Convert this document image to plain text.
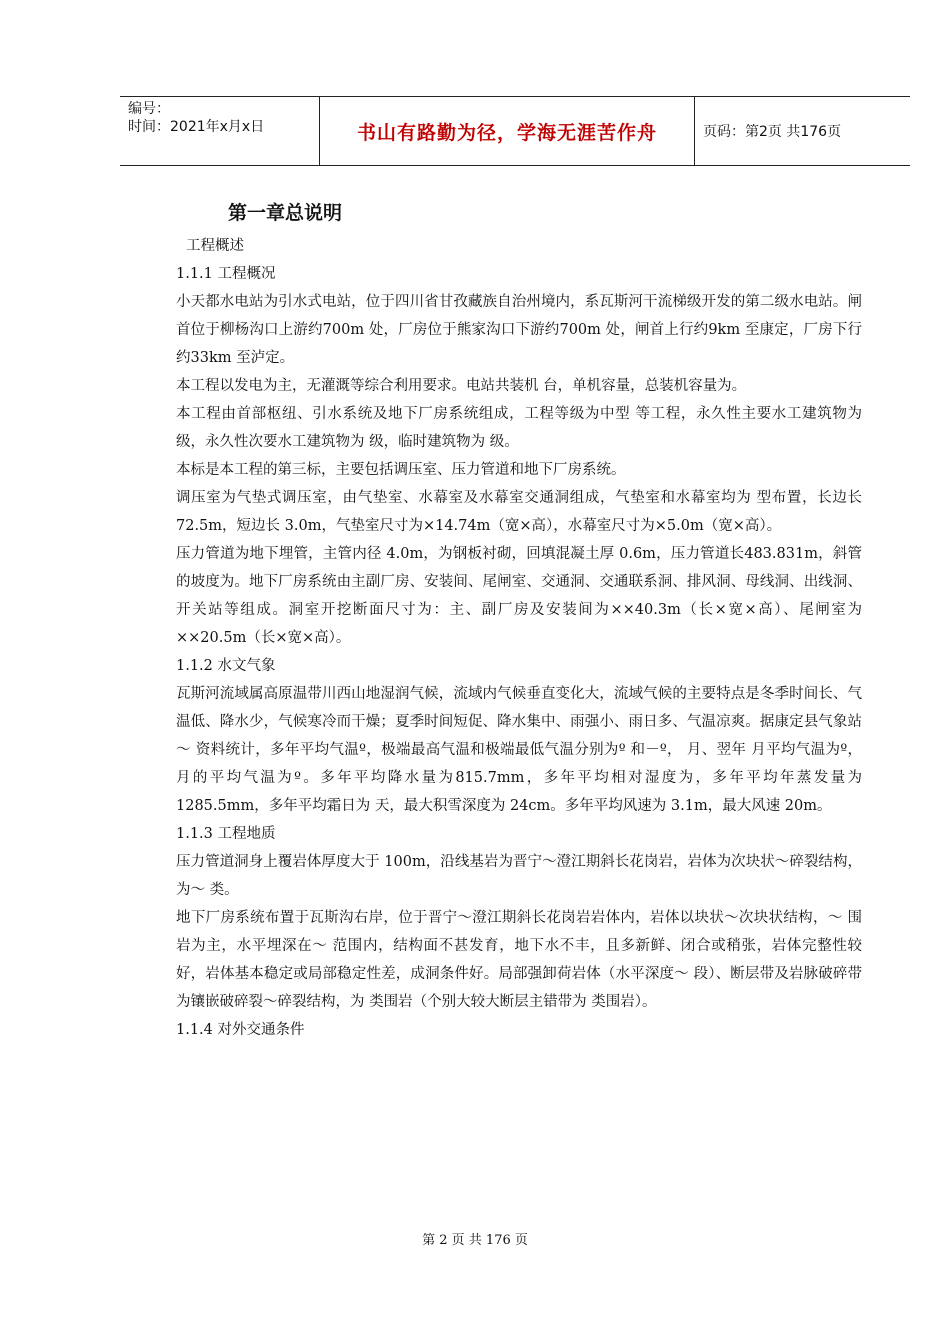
编号：
时间：2021年x月x日	书山有路勤为径，学海无涯苦作舟	页码：第2页 共176页
第一章总说明

工程概述

1.1.1 工程概况

小天都水电站为引水式电站，位于四川省甘孜藏族自治州境内，系瓦斯河干流梯级开发的第二级水电站。闸首位于柳杨沟口上游约700m 处，厂房位于熊家沟口下游约700m 处，闸首上行约9km 至康定，厂房下行约33km 至泸定。

本工程以发电为主，无灌溉等综合利用要求。电站共装机 台，单机容量，总装机容量为。

本工程由首部枢纽、引水系统及地下厂房系统组成，工程等级为中型 等工程，永久性主要水工建筑物为 级，永久性次要水工建筑物为 级，临时建筑物为 级。

本标是本工程的第三标，主要包括调压室、压力管道和地下厂房系统。

调压室为气垫式调压室，由气垫室、水幕室及水幕室交通洞组成，气垫室和水幕室均为 型布置，长边长 72.5m，短边长 3.0m，气垫室尺寸为×14.74m（宽×高），水幕室尺寸为×5.0m（宽×高）。

压力管道为地下埋管，主管内径 4.0m，为钢板衬砌，回填混凝土厚 0.6m，压力管道长483.831m，斜管的坡度为。地下厂房系统由主副厂房、安装间、尾闸室、交通洞、交通联系洞、排风洞、母线洞、出线洞、开关站等组成。洞室开挖断面尺寸为：主、副厂房及安装间为××40.3m（长×宽×高）、尾闸室为××20.5m（长×宽×高）。

1.1.2 水文气象

瓦斯河流域属高原温带川西山地湿润气候，流域内气候垂直变化大，流域气候的主要特点是冬季时间长、气温低、降水少，气候寒冷而干燥；夏季时间短促、降水集中、雨强小、雨日多、气温凉爽。据康定县气象站～ 资料统计，多年平均气温º，极端最高气温和极端最低气温分别为º 和－º， 月、翌年 月平均气温为º， 月的平均气温为º。多年平均降水量为815.7mm，多年平均相对湿度为，多年平均年蒸发量为 1285.5mm，多年平均霜日为 天，最大积雪深度为 24cm。多年平均风速为 3.1m，最大风速 20m。

1.1.3 工程地质

压力管道洞身上覆岩体厚度大于 100m，沿线基岩为晋宁～澄江期斜长花岗岩，岩体为次块状～碎裂结构，为～ 类。

地下厂房系统布置于瓦斯沟右岸，位于晋宁～澄江期斜长花岗岩岩体内，岩体以块状～次块状结构，～ 围岩为主，水平埋深在～ 范围内，结构面不甚发育，地下水不丰，且多新鲜、闭合或稍张，岩体完整性较好，岩体基本稳定或局部稳定性差，成洞条件好。局部强卸荷岩体（水平深度～ 段）、断层带及岩脉破碎带为镶嵌破碎裂～碎裂结构，为 类围岩（个别大较大断层主错带为 类围岩）。

1.1.4 对外交通条件

第 2 页 共 176 页
